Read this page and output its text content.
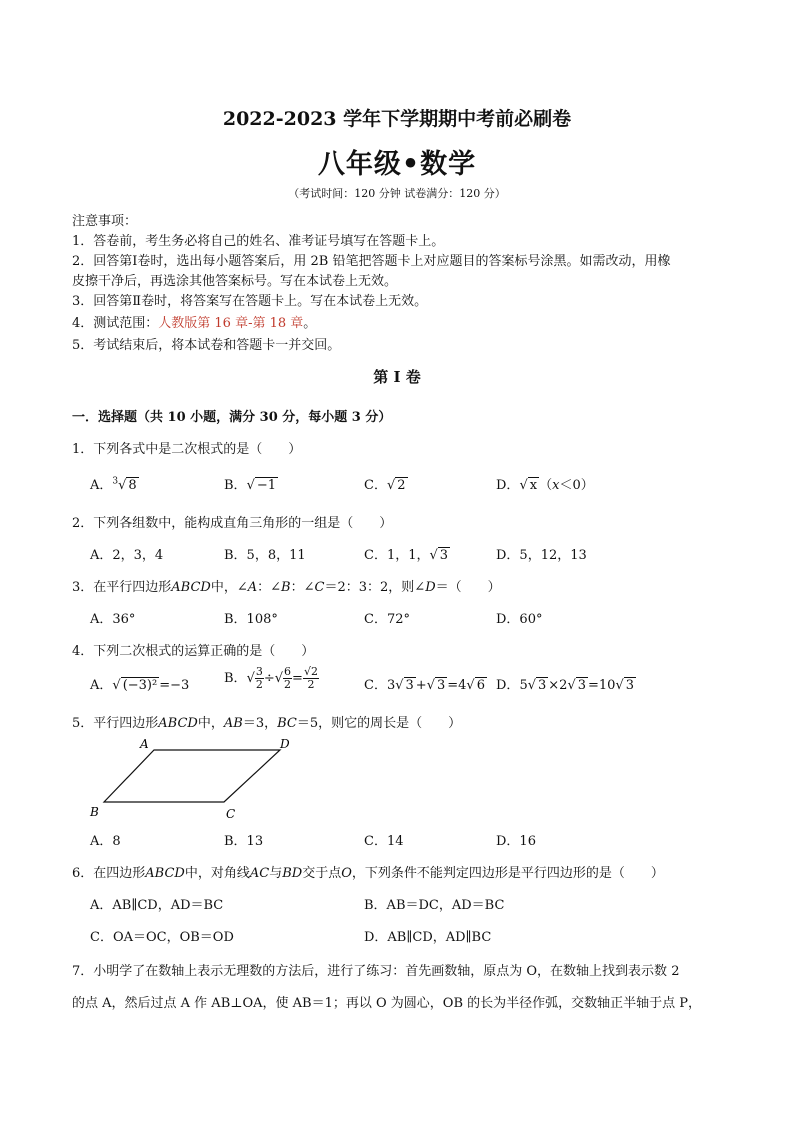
2022-2023 学年下学期期中考前必刷卷
八年级•数学
（考试时间：120 分钟 试卷满分：120 分）
注意事项：
1．答卷前，考生务必将自己的姓名、准考证号填写在答题卡上。
2．回答第Ⅰ卷时，选出每小题答案后，用 2B 铅笔把答题卡上对应题目的答案标号涂黑。如需改动，用橡
皮擦干净后，再选涂其他答案标号。写在本试卷上无效。
3．回答第Ⅱ卷时，将答案写在答题卡上。写在本试卷上无效。
4．测试范围：人教版第 16 章-第 18 章。
5．考试结束后，将本试卷和答题卡一并交回。
第 I 卷
一．选择题（共 10 小题，满分 30 分，每小题 3 分）
1．下列各式中是二次根式的是（　　）
A．$^3$√ 8	B．√ −1	C．√ 2	D．√ x （x＜0）
2．下列各组数中，能构成直角三角形的一组是（　　）
A．2，3，4	B．5，8，11	C．1，1，√ 3	D．5，12，13
3．在平行四边形ABCD中，∠A：∠B：∠C＝2：3：2，则∠D＝（　　）
A．36°	B．108°	C．72°	D．60°
4．下列二次根式的运算正确的是（　　）
A．√ (−3)² =−3	B．√ $\frac{3}{2}$ ÷√ $\frac{6}{2} = \frac{√2}{2}$	C．3√ 3 +√ 3 =4√ 6 D．5√ 3 ×2√ 3 =10√ 3
5．平行四边形ABCD中，AB＝3，BC＝5，则它的周长是（　　）
A	D
B	C
A．8	B．13	C．14	D．16
6．在四边形ABCD中，对角线AC与BD交于点O，下列条件不能判定四边形是平行四边形的是（　　）
A．AB∥CD，AD＝BC	B．AB＝DC，AD＝BC
C．OA＝OC，OB＝OD	D．AB∥CD，AD∥BC
7．小明学了在数轴上表示无理数的方法后，进行了练习：首先画数轴，原点为 O，在数轴上找到表示数 2
的点 A，然后过点 A 作 AB⊥OA，使 AB＝1；再以 O 为圆心，OB 的长为半径作弧，交数轴正半轴于点 P，
